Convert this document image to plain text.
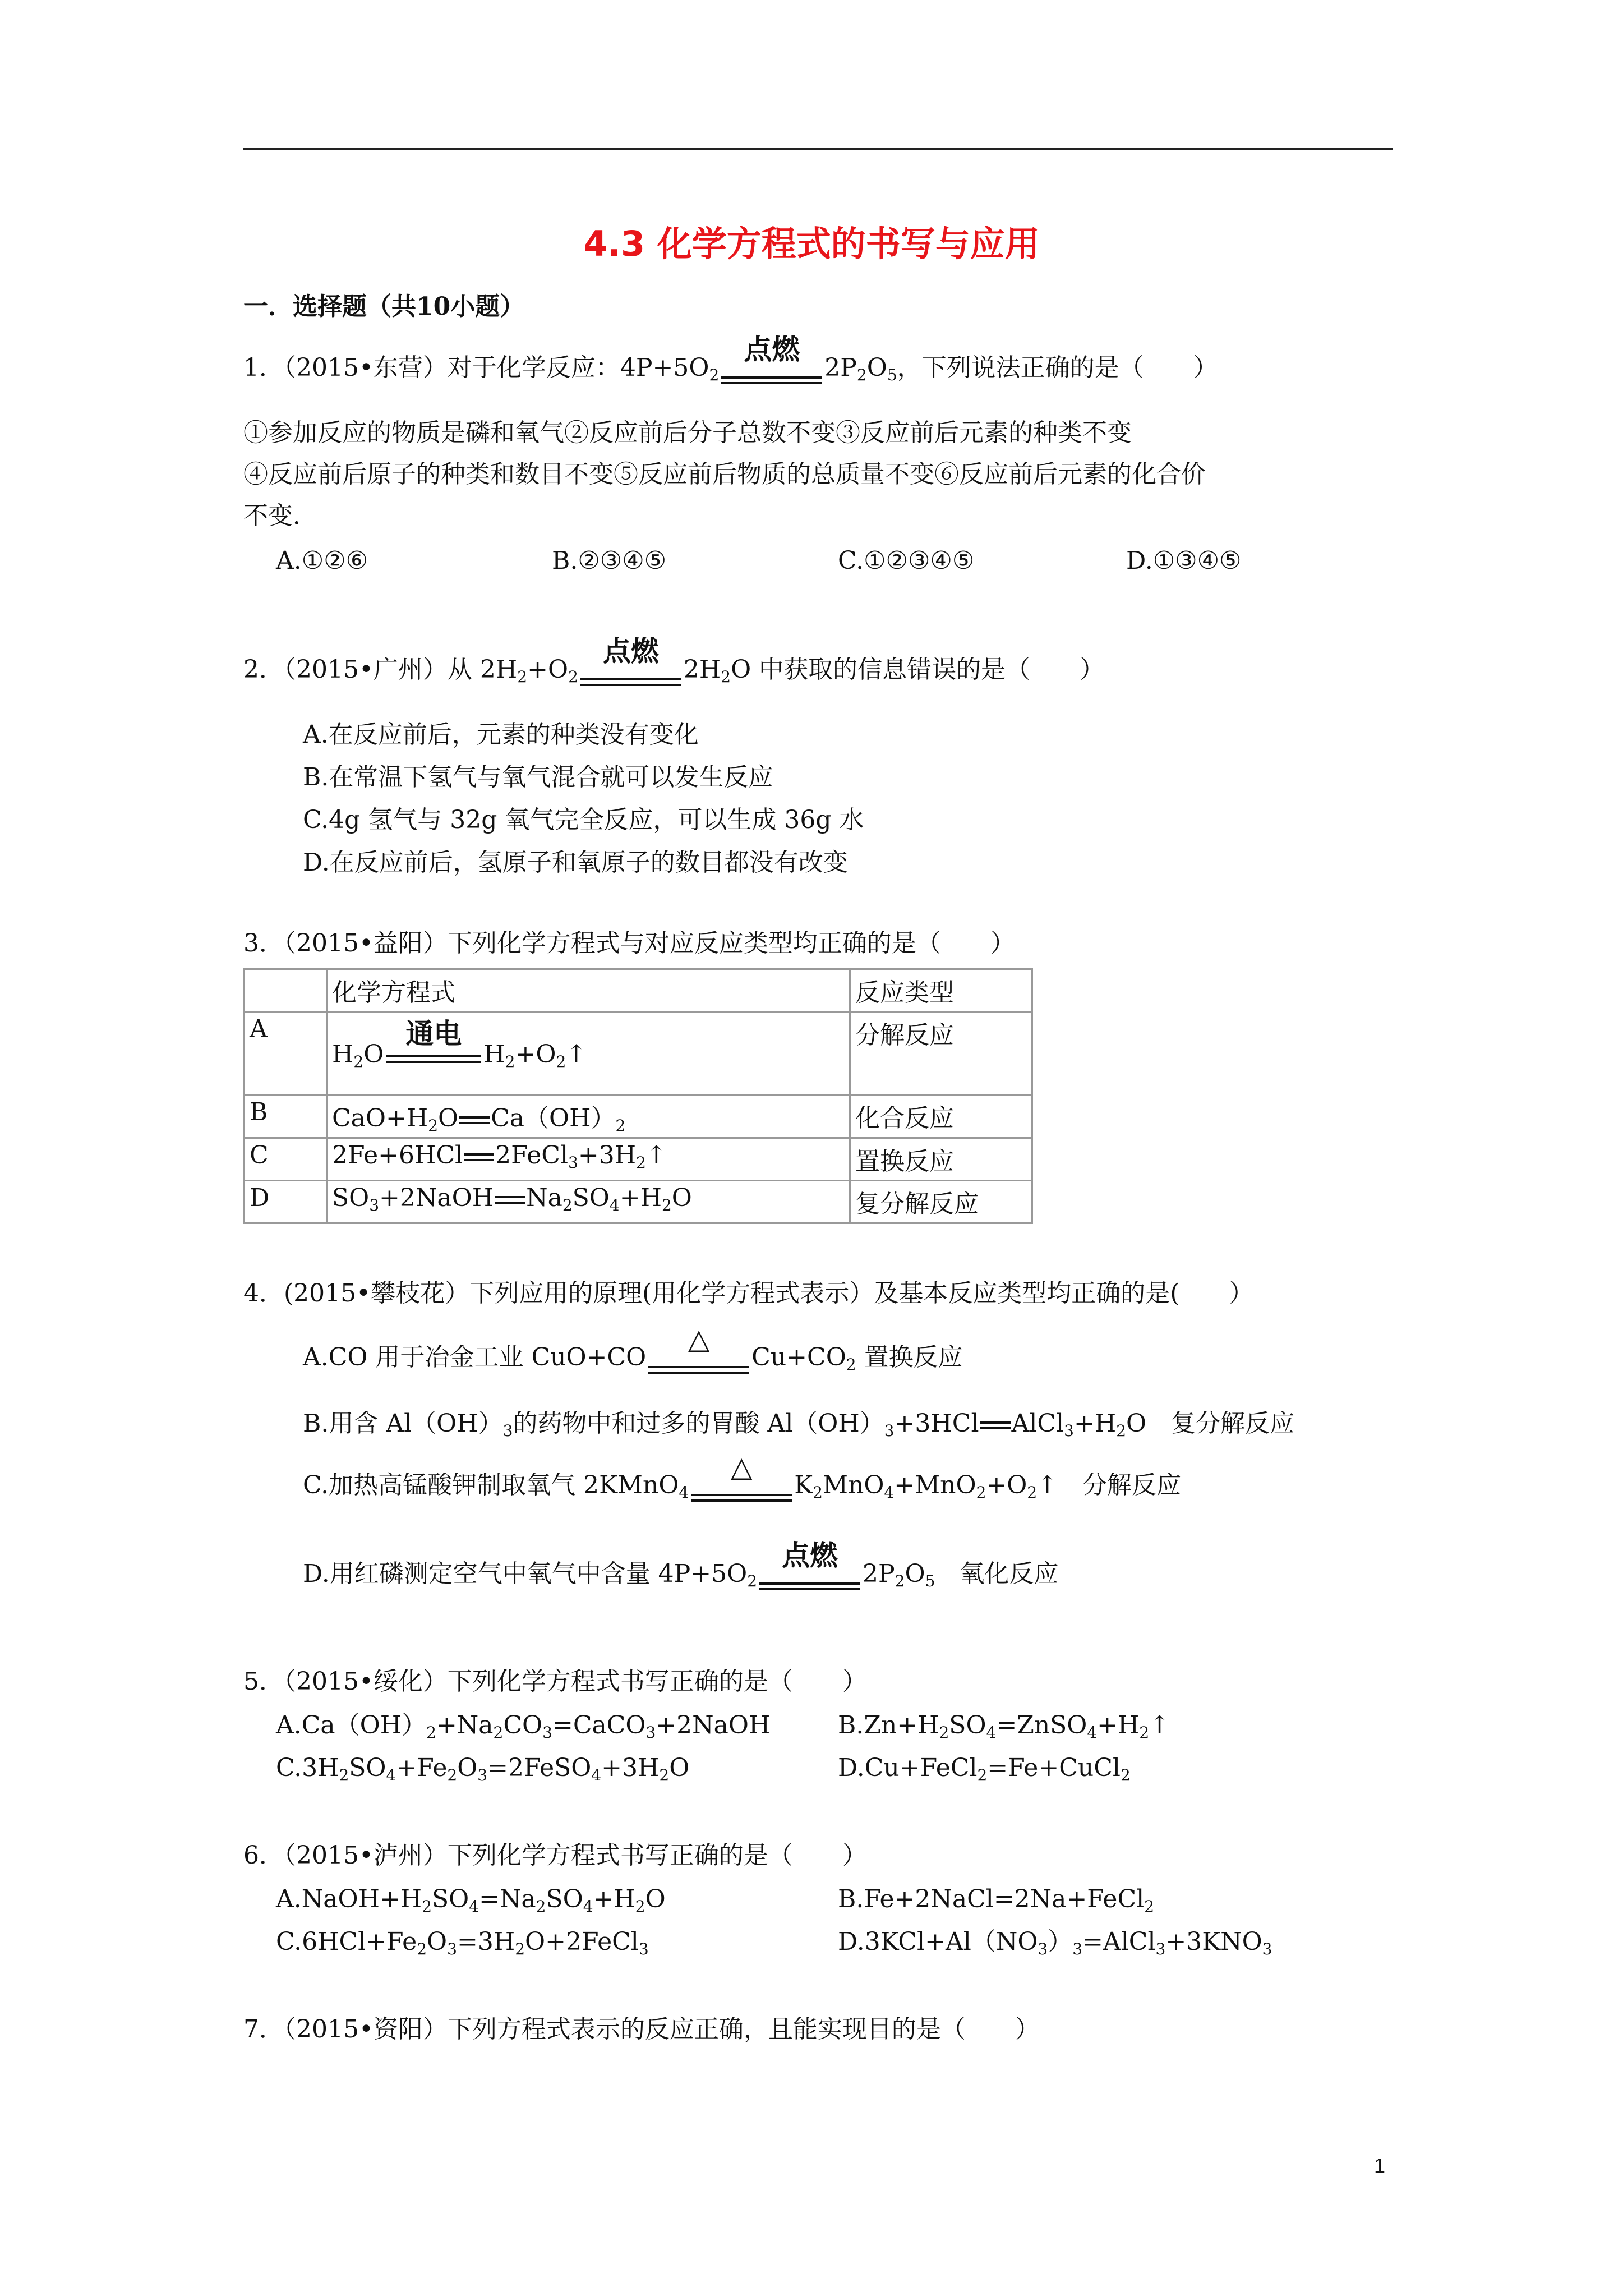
4.3 化学方程式的书写与应用
一．选择题（共10小题）
1．（2015•东营）对于化学反应：$4P+5O_2$
点燃
$2P_2O_5$，下列说法正确的是（　　）
①参加反应的物质是磷和氧气②反应前后分子总数不变③反应前后元素的种类不变
④反应前后原子的种类和数目不变⑤反应前后物质的总质量不变⑥反应前后元素的化合价
不变．
A.①②⑥	B.②③④⑤	C.①②③④⑤	D.①③④⑤
2．（2015•广州）从 $2H_2+O_2$
点燃
$2H_2O$ 中获取的信息错误的是（　　）
A.在反应前后，元素的种类没有变化
B.在常温下氢气与氧气混合就可以发生反应
C.4g 氢气与 32g 氧气完全反应，可以生成 36g 水
D.在反应前后，氢原子和氧原子的数目都没有改变
3．（2015•益阳）下列化学方程式与对应反应类型均正确的是（　　）
	化学方程式	反应类型
A	$H_2O$
通电
$H_2+O_2↑$	分解反应
B	$CaO+H_2O$ $Ca(OH)_2$	化合反应
C	2Fe+6HCl $2FeCl_3+3H_2↑$	置换反应
D	$SO_3+2NaOH$ $Na_2SO_4+H_2O$	复分解反应
4．(2015•攀枝花）下列应用的原理(用化学方程式表示）及基本反应类型均正确的是(　　）
A.CO 用于冶金工业 CuO+CO
△
$Cu+CO_2$ 置换反应
B.用含 $Al(OH)_3$的药物中和过多的胃酸 $Al(OH)_3+3HCl$ $AlCl_3+H_2O$　复分解反应
C.加热高锰酸钾制取氧气 2KMnO$_4$
△
$K_2MnO_4+MnO_2+O_2↑$　分解反应
D.用红磷测定空气中氧气中含量 $4P+5O_2$
点燃
$2P_2O_5$　 氧化反应
5．（2015•绥化）下列化学方程式书写正确的是（　　）
$A.Ca(OH)_2+Na_2CO_3=CaCO_3+2NaOH$	$B.Zn+H_2SO_4=ZnSO_4+H_2↑$
$C.3H_2SO_4+Fe_2O_3=2FeSO_4+3H_2O$	D.Cu+FeCl$_2$=Fe+CuCl$_2$
6．（2015•泸州）下列化学方程式书写正确的是（　　）
$A.NaOH+H_2SO_4=Na_2SO_4+H_2O$	B.Fe+2NaCl=2Na+FeCl$_2$
$C.6HCl+Fe_2O_3=3H_2O+2FeCl_3$	$D.3KCl+Al(NO_3)_3=AlCl_3+3KNO_3$
7．（2015•资阳）下列方程式表示的反应正确，且能实现目的是（　　）
1
